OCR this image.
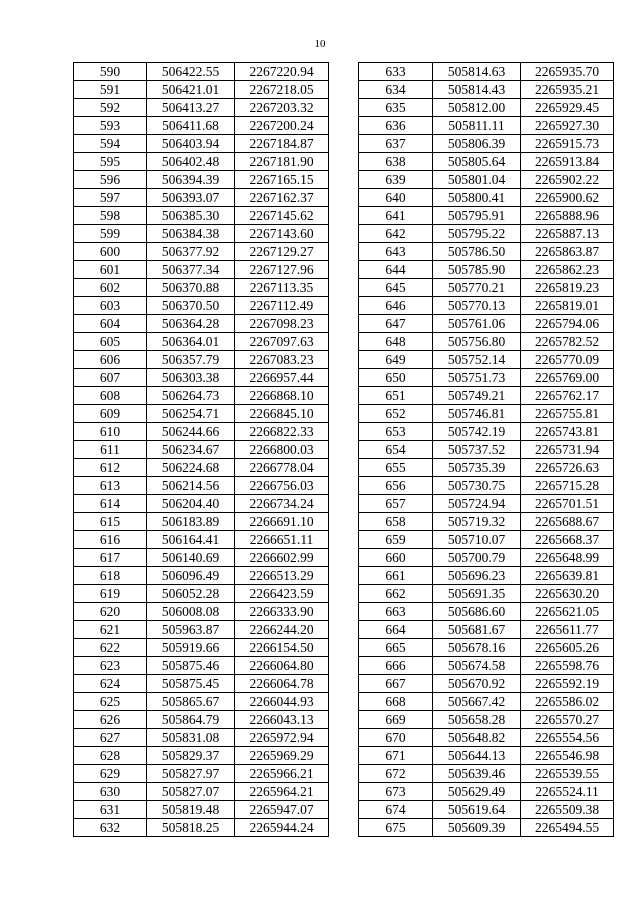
10
590	506422.55	2267220.94
591	506421.01	2267218.05
592	506413.27	2267203.32
593	506411.68	2267200.24
594	506403.94	2267184.87
595	506402.48	2267181.90
596	506394.39	2267165.15
597	506393.07	2267162.37
598	506385.30	2267145.62
599	506384.38	2267143.60
600	506377.92	2267129.27
601	506377.34	2267127.96
602	506370.88	2267113.35
603	506370.50	2267112.49
604	506364.28	2267098.23
605	506364.01	2267097.63
606	506357.79	2267083.23
607	506303.38	2266957.44
608	506264.73	2266868.10
609	506254.71	2266845.10
610	506244.66	2266822.33
611	506234.67	2266800.03
612	506224.68	2266778.04
613	506214.56	2266756.03
614	506204.40	2266734.24
615	506183.89	2266691.10
616	506164.41	2266651.11
617	506140.69	2266602.99
618	506096.49	2266513.29
619	506052.28	2266423.59
620	506008.08	2266333.90
621	505963.87	2266244.20
622	505919.66	2266154.50
623	505875.46	2266064.80
624	505875.45	2266064.78
625	505865.67	2266044.93
626	505864.79	2266043.13
627	505831.08	2265972.94
628	505829.37	2265969.29
629	505827.97	2265966.21
630	505827.07	2265964.21
631	505819.48	2265947.07
632	505818.25	2265944.24
633	505814.63	2265935.70
634	505814.43	2265935.21
635	505812.00	2265929.45
636	505811.11	2265927.30
637	505806.39	2265915.73
638	505805.64	2265913.84
639	505801.04	2265902.22
640	505800.41	2265900.62
641	505795.91	2265888.96
642	505795.22	2265887.13
643	505786.50	2265863.87
644	505785.90	2265862.23
645	505770.21	2265819.23
646	505770.13	2265819.01
647	505761.06	2265794.06
648	505756.80	2265782.52
649	505752.14	2265770.09
650	505751.73	2265769.00
651	505749.21	2265762.17
652	505746.81	2265755.81
653	505742.19	2265743.81
654	505737.52	2265731.94
655	505735.39	2265726.63
656	505730.75	2265715.28
657	505724.94	2265701.51
658	505719.32	2265688.67
659	505710.07	2265668.37
660	505700.79	2265648.99
661	505696.23	2265639.81
662	505691.35	2265630.20
663	505686.60	2265621.05
664	505681.67	2265611.77
665	505678.16	2265605.26
666	505674.58	2265598.76
667	505670.92	2265592.19
668	505667.42	2265586.02
669	505658.28	2265570.27
670	505648.82	2265554.56
671	505644.13	2265546.98
672	505639.46	2265539.55
673	505629.49	2265524.11
674	505619.64	2265509.38
675	505609.39	2265494.55
